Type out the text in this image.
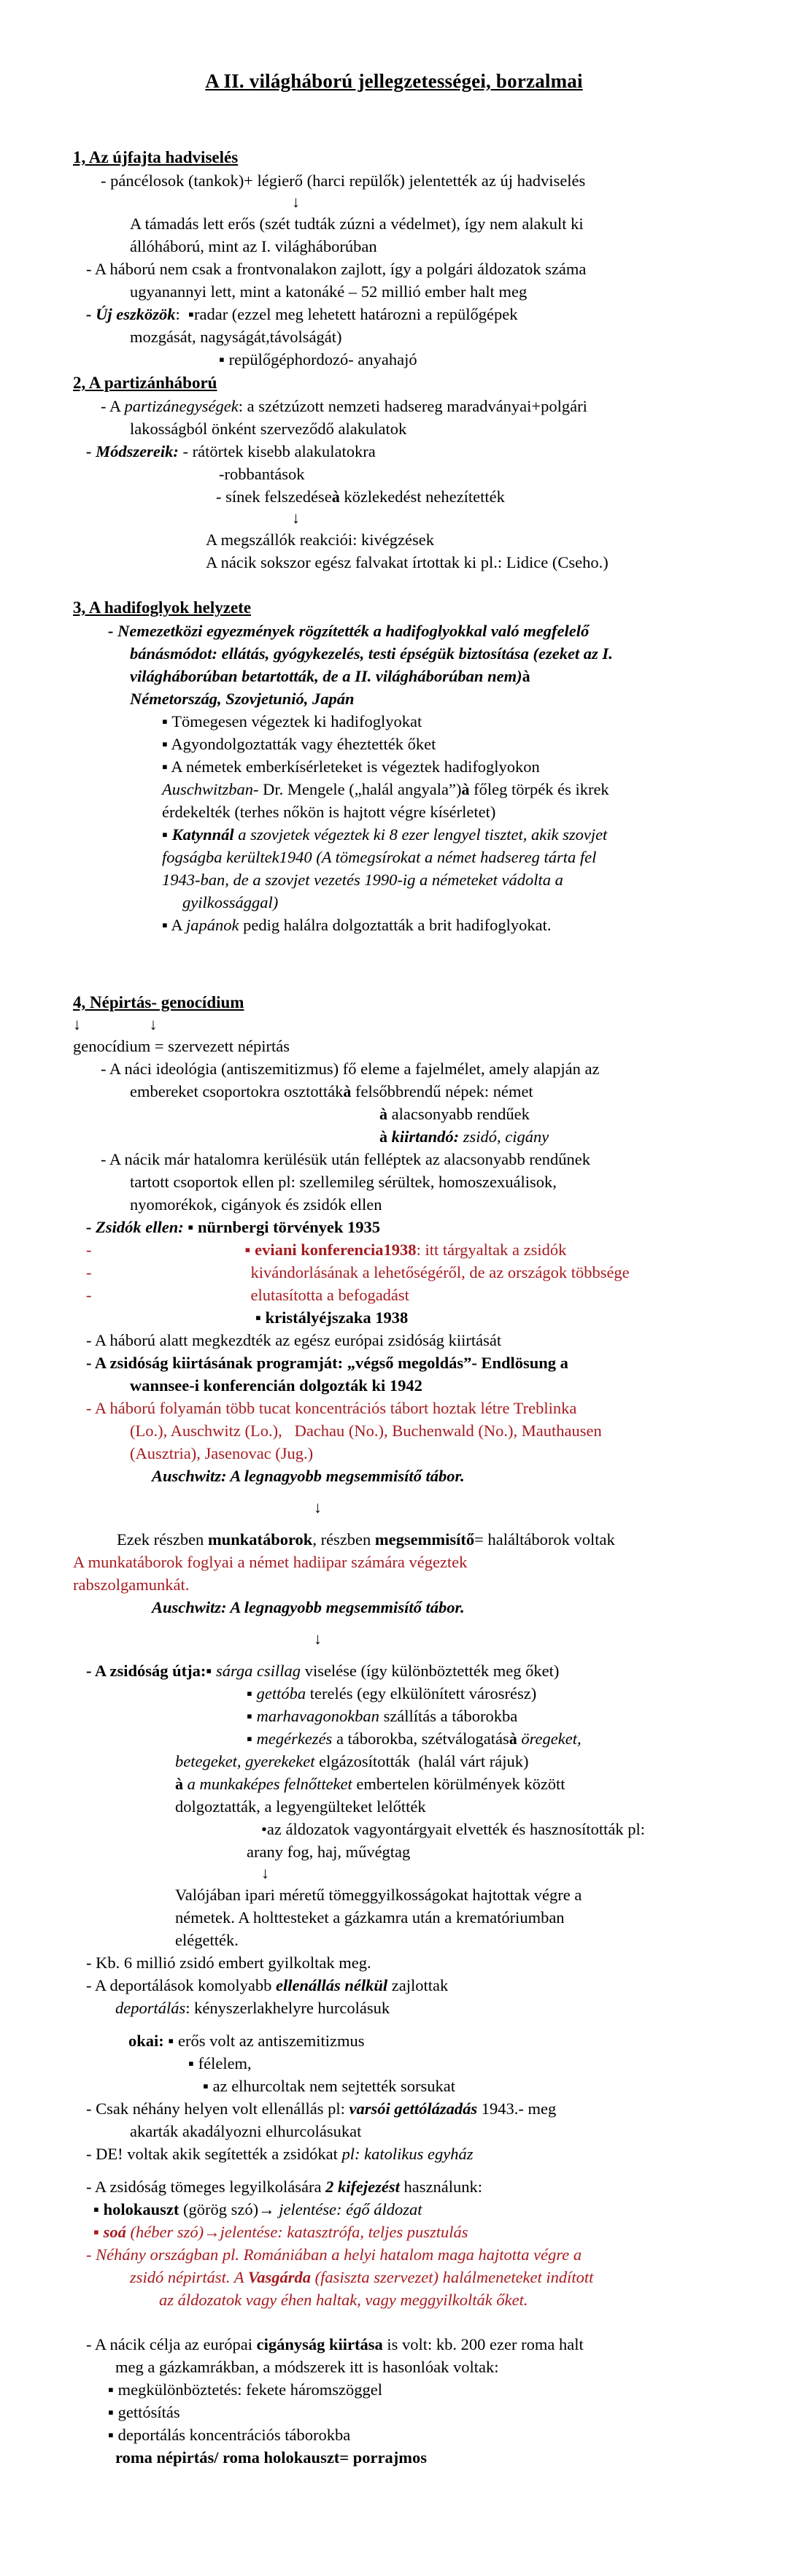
A II. világháború jellegzetességei, borzalmai
1, Az újfajta hadviselés
- páncélosok (tankok)+ légierő (harci repülők) jelentették az új hadviselés
↓
A támadás lett erős (szét tudták zúzni a védelmet), így nem alakult ki
állóháború, mint az I. világháborúban
- A háború nem csak a frontvonalakon zajlott, így a polgári áldozatok száma
ugyanannyi lett, mint a katonáké – 52 millió ember halt meg
- Új eszközök:  ▪radar (ezzel meg lehetett határozni a repülőgépek
mozgását, nagyságát,távolságát)
▪ repülőgéphordozó- anyahajó
2, A partizánháború
- A partizánegységek: a szétzúzott nemzeti hadsereg maradványai+polgári
lakosságból önként szerveződő alakulatok
- Módszereik: - rátörtek kisebb alakulatokra
-robbantások
- sínek felszedéseà közlekedést nehezítették
↓
A megszállók reakciói: kivégzések
A nácik sokszor egész falvakat írtottak ki pl.: Lidice (Cseho.)
3, A hadifoglyok helyzete
- Nemezetközi egyezmények rögzítették a hadifoglyokkal való megfelelő
bánásmódot: ellátás, gyógykezelés, testi épségük biztosítása (ezeket az I.
világháborúban betartották, de a II. világháborúban nem)à
Németország, Szovjetunió, Japán
▪ Tömegesen végeztek ki hadifoglyokat
▪ Agyondolgoztatták vagy éheztették őket
▪ A németek emberkísérleteket is végeztek hadifoglyokon
Auschwitzban- Dr. Mengele („halál angyala”)à főleg törpék és ikrek
érdekelték (terhes nőkön is hajtott végre kísérletet)
▪ Katynnál a szovjetek végeztek ki 8 ezer lengyel tisztet, akik szovjet
fogságba kerültek1940 (A tömegsírokat a német hadsereg tárta fel
1943-ban, de a szovjet vezetés 1990-ig a németeket vádolta a
gyilkossággal)
▪ A japánok pedig halálra dolgoztatták a brit hadifoglyokat.
4, Népirtás- genocídium
↓                 ↓
genocídium = szervezett népirtás
- A náci ideológia (antiszemitizmus) fő eleme a fajelmélet, amely alapján az
embereket csoportokra osztottákà felsőbbrendű népek: német
à alacsonyabb rendűek
à kiirtandó: zsidó, cigány
- A nácik már hatalomra kerülésük után felléptek az alacsonyabb rendűnek
tartott csoportok ellen pl: szellemileg sérültek, homoszexuálisok,
nyomorékok, cigányok és zsidók ellen
- Zsidók ellen: ▪ nürnbergi törvények 1935
-	▪ eviani konferencia1938: itt tárgyaltak a zsidók
-	kivándorlásának a lehetőségéről, de az országok többsége
-	elutasította a befogadást
▪ kristályéjszaka 1938
- A háború alatt megkezdték az egész európai zsidóság kiirtását
- A zsidóság kiirtásának programját: „végső megoldás”- Endlösung a
wannsee-i konferencián dolgozták ki 1942
- A háború folyamán több tucat koncentrációs tábort hoztak létre Treblinka
(Lo.), Auschwitz (Lo.),   Dachau (No.), Buchenwald (No.), Mauthausen
(Ausztria), Jasenovac (Jug.)
Auschwitz: A legnagyobb megsemmisítő tábor.
↓
Ezek részben munkatáborok, részben megsemmisítő= haláltáborok voltak
A munkatáborok foglyai a német hadiipar számára végeztek
rabszolgamunkát.
Auschwitz: A legnagyobb megsemmisítő tábor.
↓
- A zsidóság útja:▪ sárga csillag viselése (így különböztették meg őket)
▪ gettóba terelés (egy elkülönített városrész)
▪ marhavagonokban szállítás a táborokba
▪ megérkezés a táborokba, szétválogatásà öregeket,
betegeket, gyerekeket elgázosították  (halál várt rájuk)
à a munkaképes felnőtteket embertelen körülmények között
dolgoztatták, a legyengülteket lelőtték
•az áldozatok vagyontárgyait elvették és hasznosították pl:
arany fog, haj, művégtag
↓
Valójában ipari méretű tömeggyilkosságokat hajtottak végre a
németek. A holttesteket a gázkamra után a krematóriumban
elégették.
- Kb. 6 millió zsidó embert gyilkoltak meg.
- A deportálások komolyabb ellenállás nélkül zajlottak
deportálás: kényszerlakhelyre hurcolásuk
okai: ▪ erős volt az antiszemitizmus
▪ félelem,
▪ az elhurcoltak nem sejtették sorsukat
- Csak néhány helyen volt ellenállás pl: varsói gettólázadás 1943.- meg
akarták akadályozni elhurcolásukat
- DE! voltak akik segítették a zsidókat pl: katolikus egyház
- A zsidóság tömeges legyilkolására 2 kifejezést használunk:
▪ holokauszt (görög szó)→ jelentése: égő áldozat
▪ soá (héber szó)→jelentése: katasztrófa, teljes pusztulás
- Néhány országban pl. Romániában a helyi hatalom maga hajtotta végre a
zsidó népirtást. A Vasgárda (fasiszta szervezet) halálmeneteket indított
az áldozatok vagy éhen haltak, vagy meggyilkolták őket.
- A nácik célja az európai cigányság kiirtása is volt: kb. 200 ezer roma halt
meg a gázkamrákban, a módszerek itt is hasonlóak voltak:
▪ megkülönböztetés: fekete háromszöggel
▪ gettósítás
▪ deportálás koncentrációs táborokba
roma népirtás/ roma holokauszt= porrajmos
